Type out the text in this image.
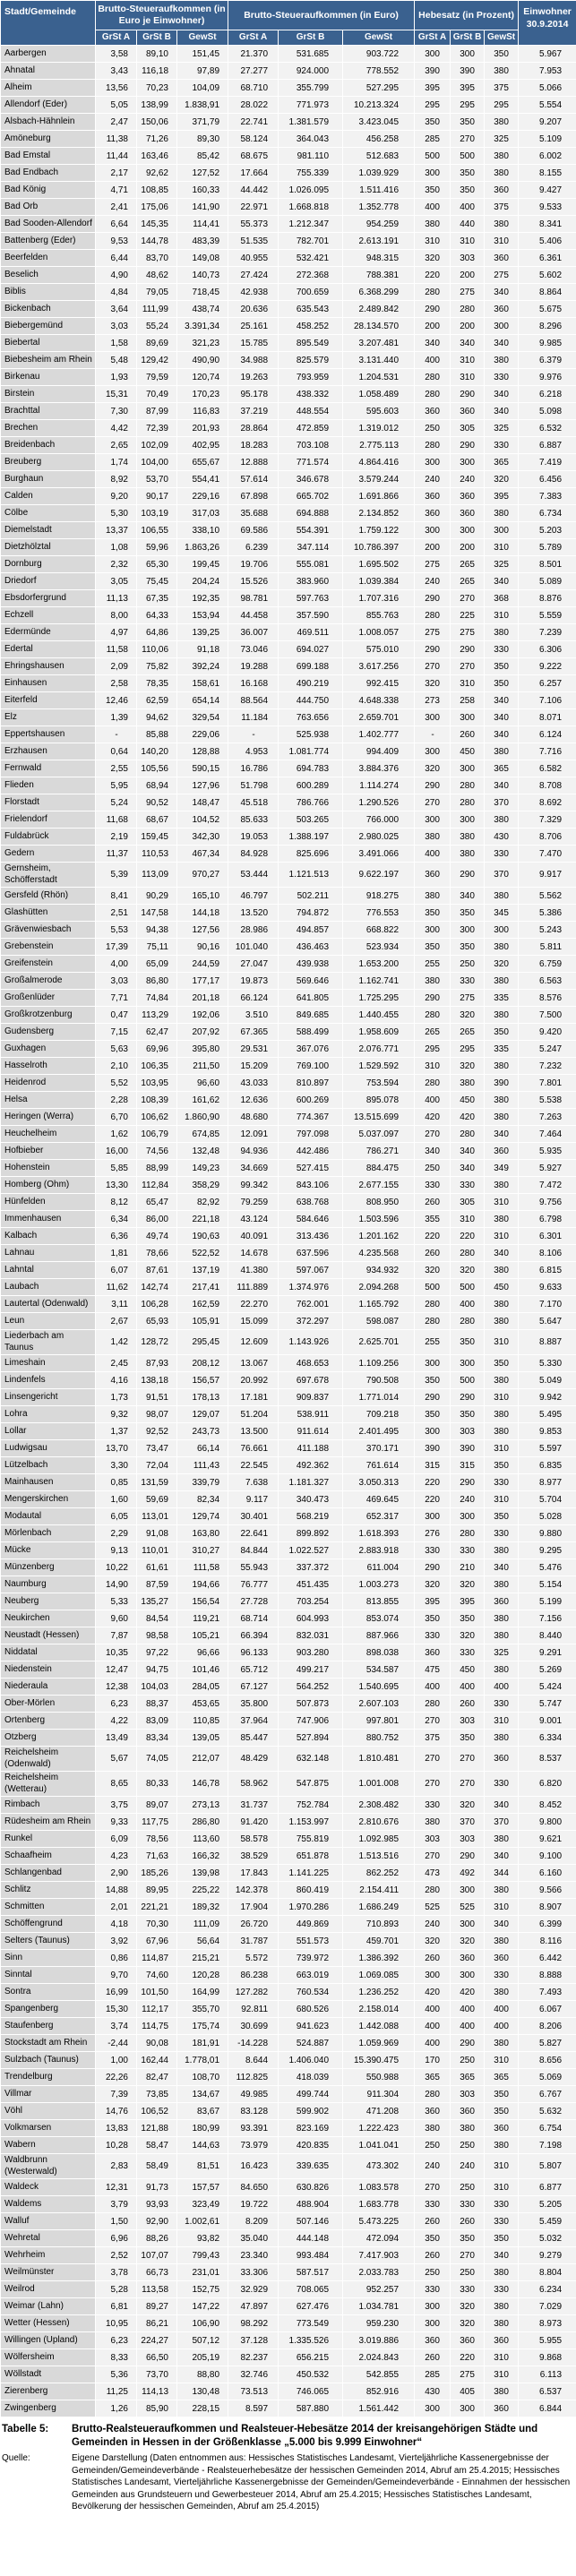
Stadt/Gemeinde	Brutto-Steueraufkommen (in Euro je Einwohner)			Brutto-Steueraufkommen (in Euro)			Hebesatz (in Prozent)			Einwohner 30.9.2014
	GrSt A	GrSt B	GewSt	GrSt A	GrSt B	GewSt	GrSt A	GrSt B	GewSt	
Aarbergen	3,58	89,10	151,45	21.370	531.685	903.722	300	300	350	5.967
Ahnatal	3,43	116,18	97,89	27.277	924.000	778.552	390	390	380	7.953
Alheim	13,56	70,23	104,09	68.710	355.799	527.295	395	395	375	5.066
Allendorf (Eder)	5,05	138,99	1.838,91	28.022	771.973	10.213.324	295	295	295	5.554
Alsbach-Hähnlein	2,47	150,06	371,79	22.741	1.381.579	3.423.045	350	350	380	9.207
Amöneburg	11,38	71,26	89,30	58.124	364.043	456.258	285	270	325	5.109
Bad Emstal	11,44	163,46	85,42	68.675	981.110	512.683	500	500	380	6.002
Bad Endbach	2,17	92,62	127,52	17.664	755.339	1.039.929	300	350	380	8.155
Bad König	4,71	108,85	160,33	44.442	1.026.095	1.511.416	350	350	360	9.427
Bad Orb	2,41	175,06	141,90	22.971	1.668.818	1.352.778	400	400	375	9.533
Bad Sooden-Allendorf	6,64	145,35	114,41	55.373	1.212.347	954.259	380	440	380	8.341
Battenberg (Eder)	9,53	144,78	483,39	51.535	782.701	2.613.191	310	310	310	5.406
Beerfelden	6,44	83,70	149,08	40.955	532.421	948.315	320	303	360	6.361
Beselich	4,90	48,62	140,73	27.424	272.368	788.381	220	200	275	5.602
Biblis	4,84	79,05	718,45	42.938	700.659	6.368.299	280	275	340	8.864
Bickenbach	3,64	111,99	438,74	20.636	635.543	2.489.842	290	280	360	5.675
Biebergemünd	3,03	55,24	3.391,34	25.161	458.252	28.134.570	200	200	300	8.296
Biebertal	1,58	89,69	321,23	15.785	895.549	3.207.481	340	340	340	9.985
Biebesheim am Rhein	5,48	129,42	490,90	34.988	825.579	3.131.440	400	310	380	6.379
Birkenau	1,93	79,59	120,74	19.263	793.959	1.204.531	280	310	330	9.976
Birstein	15,31	70,49	170,23	95.178	438.332	1.058.489	280	290	340	6.218
Brachttal	7,30	87,99	116,83	37.219	448.554	595.603	360	360	340	5.098
Brechen	4,42	72,39	201,93	28.864	472.859	1.319.012	250	305	325	6.532
Breidenbach	2,65	102,09	402,95	18.283	703.108	2.775.113	280	290	330	6.887
Breuberg	1,74	104,00	655,67	12.888	771.574	4.864.416	300	300	365	7.419
Burghaun	8,92	53,70	554,41	57.614	346.678	3.579.244	240	240	320	6.456
Calden	9,20	90,17	229,16	67.898	665.702	1.691.866	360	360	395	7.383
Cölbe	5,30	103,19	317,03	35.688	694.888	2.134.852	360	360	380	6.734
Diemelstadt	13,37	106,55	338,10	69.586	554.391	1.759.122	300	300	300	5.203
Dietzhölztal	1,08	59,96	1.863,26	6.239	347.114	10.786.397	200	200	310	5.789
Dornburg	2,32	65,30	199,45	19.706	555.081	1.695.502	275	265	325	8.501
Driedorf	3,05	75,45	204,24	15.526	383.960	1.039.384	240	265	340	5.089
Ebsdorfergrund	11,13	67,35	192,35	98.781	597.763	1.707.316	290	270	368	8.876
Echzell	8,00	64,33	153,94	44.458	357.590	855.763	280	225	310	5.559
Edermünde	4,97	64,86	139,25	36.007	469.511	1.008.057	275	275	380	7.239
Edertal	11,58	110,06	91,18	73.046	694.027	575.010	290	290	330	6.306
Ehringshausen	2,09	75,82	392,24	19.288	699.188	3.617.256	270	270	350	9.222
Einhausen	2,58	78,35	158,61	16.168	490.219	992.415	320	310	350	6.257
Eiterfeld	12,46	62,59	654,14	88.564	444.750	4.648.338	273	258	340	7.106
Elz	1,39	94,62	329,54	11.184	763.656	2.659.701	300	300	340	8.071
Eppertshausen	-	85,88	229,06	-	525.938	1.402.777	-	260	340	6.124
Erzhausen	0,64	140,20	128,88	4.953	1.081.774	994.409	300	450	380	7.716
Fernwald	2,55	105,56	590,15	16.786	694.783	3.884.376	320	300	365	6.582
Flieden	5,95	68,94	127,96	51.798	600.289	1.114.274	290	280	340	8.708
Florstadt	5,24	90,52	148,47	45.518	786.766	1.290.526	270	280	370	8.692
Frielendorf	11,68	68,67	104,52	85.633	503.265	766.000	300	300	380	7.329
Fuldabrück	2,19	159,45	342,30	19.053	1.388.197	2.980.025	380	380	430	8.706
Gedern	11,37	110,53	467,34	84.928	825.696	3.491.066	400	380	330	7.470
Gernsheim, Schöfferstadt	5,39	113,09	970,27	53.444	1.121.513	9.622.197	360	290	370	9.917
Gersfeld (Rhön)	8,41	90,29	165,10	46.797	502.211	918.275	380	340	380	5.562
Glashütten	2,51	147,58	144,18	13.520	794.872	776.553	350	350	345	5.386
Grävenwiesbach	5,53	94,38	127,56	28.986	494.857	668.822	300	300	300	5.243
Grebenstein	17,39	75,11	90,16	101.040	436.463	523.934	350	350	380	5.811
Greifenstein	4,00	65,09	244,59	27.047	439.938	1.653.200	255	250	320	6.759
Großalmerode	3,03	86,80	177,17	19.873	569.646	1.162.741	380	330	380	6.563
Großenlüder	7,71	74,84	201,18	66.124	641.805	1.725.295	290	275	335	8.576
Großkrotzenburg	0,47	113,29	192,06	3.510	849.685	1.440.455	280	320	380	7.500
Gudensberg	7,15	62,47	207,92	67.365	588.499	1.958.609	265	265	350	9.420
Guxhagen	5,63	69,96	395,80	29.531	367.076	2.076.771	295	295	335	5.247
Hasselroth	2,10	106,35	211,50	15.209	769.100	1.529.592	310	320	380	7.232
Heidenrod	5,52	103,95	96,60	43.033	810.897	753.594	280	380	390	7.801
Helsa	2,28	108,39	161,62	12.636	600.269	895.078	400	450	380	5.538
Heringen (Werra)	6,70	106,62	1.860,90	48.680	774.367	13.515.699	420	420	380	7.263
Heuchelheim	1,62	106,79	674,85	12.091	797.098	5.037.097	270	280	340	7.464
Hofbieber	16,00	74,56	132,48	94.936	442.486	786.271	340	340	360	5.935
Hohenstein	5,85	88,99	149,23	34.669	527.415	884.475	250	340	349	5.927
Homberg (Ohm)	13,30	112,84	358,29	99.342	843.106	2.677.155	330	330	380	7.472
Hünfelden	8,12	65,47	82,92	79.259	638.768	808.950	260	305	310	9.756
Immenhausen	6,34	86,00	221,18	43.124	584.646	1.503.596	355	310	380	6.798
Kalbach	6,36	49,74	190,63	40.091	313.436	1.201.162	220	220	310	6.301
Lahnau	1,81	78,66	522,52	14.678	637.596	4.235.568	260	280	340	8.106
Lahntal	6,07	87,61	137,19	41.380	597.067	934.932	320	320	380	6.815
Laubach	11,62	142,74	217,41	111.889	1.374.976	2.094.268	500	500	450	9.633
Lautertal (Odenwald)	3,11	106,28	162,59	22.270	762.001	1.165.792	280	400	380	7.170
Leun	2,67	65,93	105,91	15.099	372.297	598.087	280	280	380	5.647
Liederbach am Taunus	1,42	128,72	295,45	12.609	1.143.926	2.625.701	255	350	310	8.887
Limeshain	2,45	87,93	208,12	13.067	468.653	1.109.256	300	300	350	5.330
Lindenfels	4,16	138,18	156,57	20.992	697.678	790.508	350	500	380	5.049
Linsengericht	1,73	91,51	178,13	17.181	909.837	1.771.014	290	290	310	9.942
Lohra	9,32	98,07	129,07	51.204	538.911	709.218	350	350	380	5.495
Lollar	1,37	92,52	243,73	13.500	911.614	2.401.495	300	303	380	9.853
Ludwigsau	13,70	73,47	66,14	76.661	411.188	370.171	390	390	310	5.597
Lützelbach	3,30	72,04	111,43	22.545	492.362	761.614	315	315	350	6.835
Mainhausen	0,85	131,59	339,79	7.638	1.181.327	3.050.313	220	290	330	8.977
Mengerskirchen	1,60	59,69	82,34	9.117	340.473	469.645	220	240	310	5.704
Modautal	6,05	113,01	129,74	30.401	568.219	652.317	300	300	350	5.028
Mörlenbach	2,29	91,08	163,80	22.641	899.892	1.618.393	276	280	330	9.880
Mücke	9,13	110,01	310,27	84.844	1.022.527	2.883.918	330	330	380	9.295
Münzenberg	10,22	61,61	111,58	55.943	337.372	611.004	290	210	340	5.476
Naumburg	14,90	87,59	194,66	76.777	451.435	1.003.273	320	320	380	5.154
Neuberg	5,33	135,27	156,54	27.728	703.254	813.855	395	395	360	5.199
Neukirchen	9,60	84,54	119,21	68.714	604.993	853.074	350	350	380	7.156
Neustadt (Hessen)	7,87	98,58	105,21	66.394	832.031	887.966	330	320	380	8.440
Niddatal	10,35	97,22	96,66	96.133	903.280	898.038	360	330	325	9.291
Niedenstein	12,47	94,75	101,46	65.712	499.217	534.587	475	450	380	5.269
Niederaula	12,38	104,03	284,05	67.127	564.252	1.540.695	400	400	400	5.424
Ober-Mörlen	6,23	88,37	453,65	35.800	507.873	2.607.103	280	260	330	5.747
Ortenberg	4,22	83,09	110,85	37.964	747.906	997.801	270	303	310	9.001
Otzberg	13,49	83,34	139,05	85.447	527.894	880.752	375	350	380	6.334
Reichelsheim (Odenwald)	5,67	74,05	212,07	48.429	632.148	1.810.481	270	270	360	8.537
Reichelsheim (Wetterau)	8,65	80,33	146,78	58.962	547.875	1.001.008	270	270	330	6.820
Rimbach	3,75	89,07	273,13	31.737	752.784	2.308.482	330	320	340	8.452
Rüdesheim am Rhein	9,33	117,75	286,80	91.420	1.153.997	2.810.676	380	370	370	9.800
Runkel	6,09	78,56	113,60	58.578	755.819	1.092.985	303	303	380	9.621
Schaafheim	4,23	71,63	166,32	38.529	651.878	1.513.516	270	290	340	9.100
Schlangenbad	2,90	185,26	139,98	17.843	1.141.225	862.252	473	492	344	6.160
Schlitz	14,88	89,95	225,22	142.378	860.419	2.154.411	280	300	380	9.566
Schmitten	2,01	221,21	189,32	17.904	1.970.286	1.686.249	525	525	310	8.907
Schöffengrund	4,18	70,30	111,09	26.720	449.869	710.893	240	300	340	6.399
Selters (Taunus)	3,92	67,96	56,64	31.787	551.573	459.701	320	320	380	8.116
Sinn	0,86	114,87	215,21	5.572	739.972	1.386.392	260	360	360	6.442
Sinntal	9,70	74,60	120,28	86.238	663.019	1.069.085	300	300	330	8.888
Sontra	16,99	101,50	164,99	127.282	760.534	1.236.252	420	420	380	7.493
Spangenberg	15,30	112,17	355,70	92.811	680.526	2.158.014	400	400	400	6.067
Staufenberg	3,74	114,75	175,74	30.699	941.623	1.442.088	400	400	400	8.206
Stockstadt am Rhein	-2,44	90,08	181,91	-14.228	524.887	1.059.969	400	290	380	5.827
Sulzbach (Taunus)	1,00	162,44	1.778,01	8.644	1.406.040	15.390.475	170	250	310	8.656
Trendelburg	22,26	82,47	108,70	112.825	418.039	550.988	365	365	365	5.069
Villmar	7,39	73,85	134,67	49.985	499.744	911.304	280	303	350	6.767
Vöhl	14,76	106,52	83,67	83.128	599.902	471.208	360	360	350	5.632
Volkmarsen	13,83	121,88	180,99	93.391	823.169	1.222.423	380	380	360	6.754
Wabern	10,28	58,47	144,63	73.979	420.835	1.041.041	250	250	380	7.198
Waldbrunn (Westerwald)	2,83	58,49	81,51	16.423	339.635	473.302	240	240	310	5.807
Waldeck	12,31	91,73	157,57	84.650	630.826	1.083.578	270	250	310	6.877
Waldems	3,79	93,93	323,49	19.722	488.904	1.683.778	330	330	330	5.205
Walluf	1,50	92,90	1.002,61	8.209	507.146	5.473.225	260	260	330	5.459
Wehretal	6,96	88,26	93,82	35.040	444.148	472.094	350	350	350	5.032
Wehrheim	2,52	107,07	799,43	23.340	993.484	7.417.903	260	270	340	9.279
Weilmünster	3,78	66,73	231,01	33.306	587.517	2.033.783	250	250	380	8.804
Weilrod	5,28	113,58	152,75	32.929	708.065	952.257	330	330	330	6.234
Weimar (Lahn)	6,81	89,27	147,22	47.897	627.476	1.034.781	300	320	380	7.029
Wetter (Hessen)	10,95	86,21	106,90	98.292	773.549	959.230	300	320	380	8.973
Willingen (Upland)	6,23	224,27	507,12	37.128	1.335.526	3.019.886	360	360	360	5.955
Wölfersheim	8,33	66,50	205,19	82.237	656.215	2.024.843	260	220	310	9.868
Wöllstadt	5,36	73,70	88,80	32.746	450.532	542.855	285	275	310	6.113
Zierenberg	11,25	114,13	130,48	73.513	746.065	852.916	430	405	380	6.537
Zwingenberg	1,26	85,90	228,15	8.597	587.880	1.561.442	300	300	360	6.844
Tabelle 5:	Brutto-Realsteueraufkommen und Realsteuer-Hebesätze 2014 der kreisangehörigen Städte und Gemeinden in Hessen in der Größenklasse „5.000 bis 9.999 Einwohner“
Quelle:	Eigene Darstellung (Daten entnommen aus: Hessisches Statistisches Landesamt, Vierteljährliche Kassenergebnisse der Gemeinden/Gemeindeverbände - Realsteuerhebesätze der hessischen Gemeinden 2014, Abruf am 25.4.2015; Hessisches Statistisches Landesamt, Vierteljährliche Kassenergebnisse der Gemeinden/Gemeindeverbände - Einnahmen der hessischen Gemeinden aus Grundsteuern und Gewerbesteuer 2014, Abruf am 25.4.2015; Hessisches Statistisches Landesamt, Bevölkerung der hessischen Gemeinden, Abruf am 25.4.2015)
